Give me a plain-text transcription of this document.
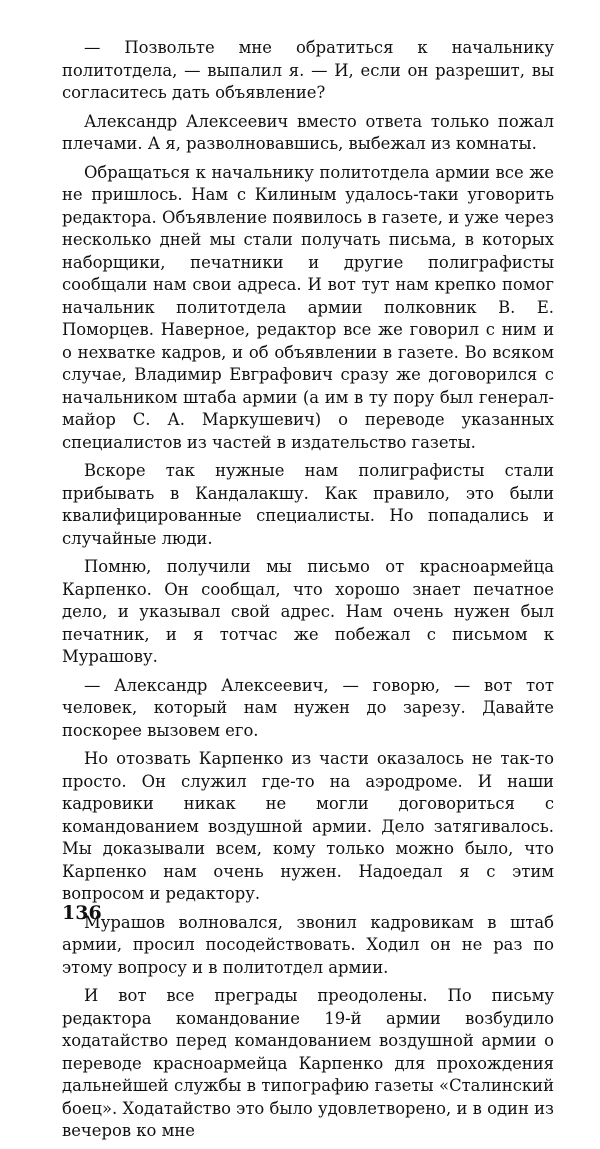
— Позвольте мне обратиться к начальнику политотдела, — выпалил я. — И, если он разрешит, вы согласитесь дать объявление?

Александр Алексеевич вместо ответа только пожал плечами. А я, разволновавшись, выбежал из комнаты.

Обращаться к начальнику политотдела армии все же не пришлось. Нам с Килиным удалось-таки уговорить редактора. Объявление появилось в газете, и уже через несколько дней мы стали получать письма, в которых наборщики, печатники и другие полиграфисты сообщали нам свои адреса. И вот тут нам крепко помог начальник политотдела армии полковник В. Е. Поморцев. Наверное, редактор все же говорил с ним и о нехватке кадров, и об объявлении в газете. Во всяком случае, Владимир Евграфович сразу же договорился с начальником штаба армии (а им в ту пору был генерал-майор С. А. Маркушевич) о переводе указанных специалистов из частей в издательство газеты.

Вскоре так нужные нам полиграфисты стали прибывать в Кандалакшу. Как правило, это были квалифицированные специалисты. Но попадались и случайные люди.

Помню, получили мы письмо от красноармейца Карпенко. Он сообщал, что хорошо знает печатное дело, и указывал свой адрес. Нам очень нужен был печатник, и я тотчас же побежал с письмом к Мурашову.

— Александр Алексеевич, — говорю, — вот тот человек, который нам нужен до зарезу. Давайте поскорее вызовем его.

Но отозвать Карпенко из части оказалось не так-то просто. Он служил где-то на аэродроме. И наши кадровики никак не могли договориться с командованием воздушной армии. Дело затягивалось. Мы доказывали всем, кому только можно было, что Карпенко нам очень нужен. Надоедал я с этим вопросом и редактору.

Мурашов волновался, звонил кадровикам в штаб армии, просил посодействовать. Ходил он не раз по этому вопросу и в политотдел армии.

И вот все преграды преодолены. По письму редактора командование 19-й армии возбудило ходатайство перед командованием воздушной армии о переводе красноармейца Карпенко для прохождения дальнейшей службы в типографию газеты «Сталинский боец». Ходатайство это было удовлетворено, и в один из вечеров ко мне

136
